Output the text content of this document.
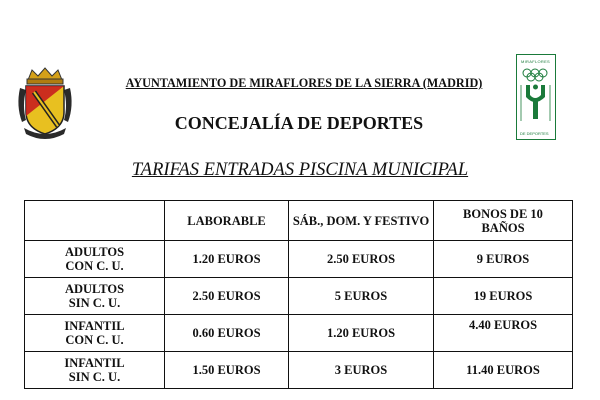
MIRAFLORES
DE DEPORTES
AYUNTAMIENTO DE MIRAFLORES DE LA SIERRA (MADRID)
CONCEJALÍA DE DEPORTES
TARIFAS ENTRADAS PISCINA MUNICIPAL
	LABORABLE	SÁB., DOM. Y FESTIVO	BONOS DE 10
BAÑOS

ADULTOS
CON C. U.	1.20 EUROS	2.50 EUROS	9 EUROS

ADULTOS
SIN C. U.	2.50 EUROS	5 EUROS	19 EUROS

INFANTIL
CON C. U.	0.60 EUROS	1.20 EUROS	4.40 EUROS

INFANTIL
SIN C. U.	1.50 EUROS	3 EUROS	11.40 EUROS
